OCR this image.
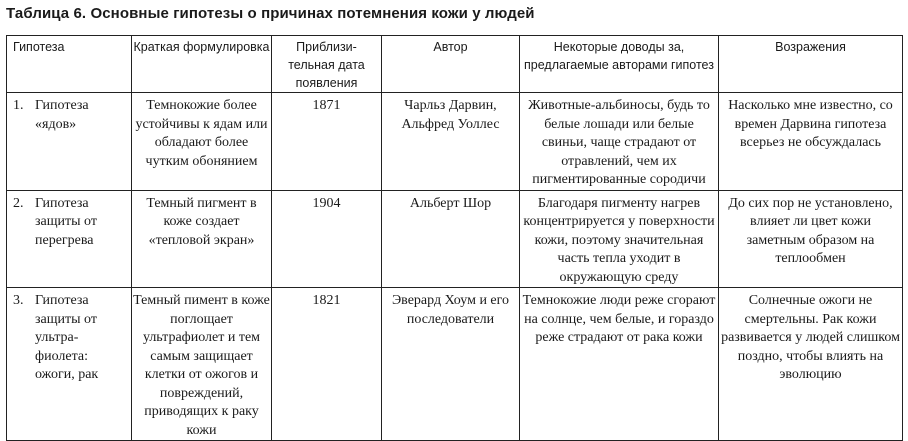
Таблица 6. Основные гипотезы о причинах потемнения кожи у людей
Гипотеза	Краткая формулировка	Приблизи- тельная дата появления	Автор	Некоторые доводы за, предлагаемые авторами гипотез	Возражения
1. Гипотеза «ядов»	Темнокожие более устойчивы к ядам или обладают более чутким обонянием	1871	Чарльз Дарвин, Альфред Уоллес	Животные-альбиносы, будь то белые лошади или белые свиньи, чаще страдают от отравлений, чем их пигментированные сородичи	Насколько мне известно, со времен Дарвина гипотеза всерьез не обсуждалась
2. Гипотеза защиты от перегрева	Темный пигмент в коже создает «тепловой экран»	1904	Альберт Шор	Благодаря пигменту нагрев концентрируется у поверхности кожи, поэтому значительная часть тепла уходит в окружающую среду	До сих пор не установлено, влияет ли цвет кожи заметным образом на теплообмен
3. Гипотеза защиты от ультра- фиолета: ожоги, рак	Темный пимент в коже поглощает ультрафиолет и тем самым защищает клетки от ожогов и повреждений, приводящих к раку кожи	1821	Эверард Хоум и его последователи	Темнокожие люди реже сгорают на солнце, чем белые, и гораздо реже страдают от рака кожи	Солнечные ожоги не смертельны. Рак кожи развивается у людей слишком поздно, чтобы влиять на эволюцию
